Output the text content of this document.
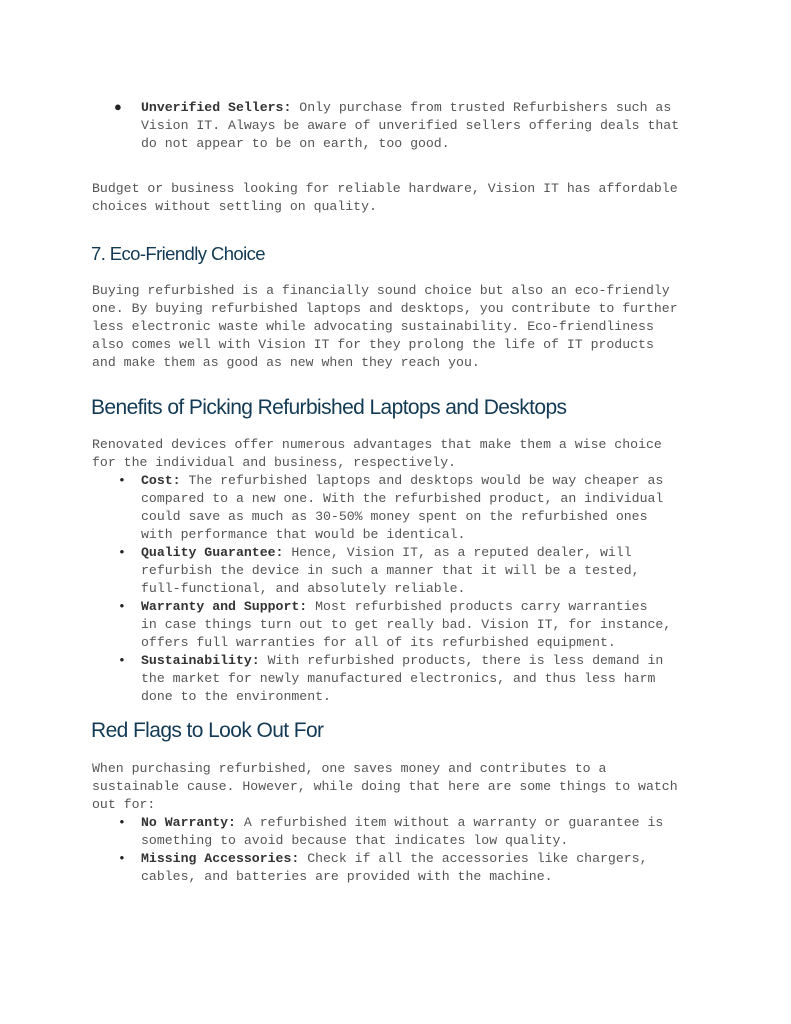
● Unverified Sellers: Only purchase from trusted Refurbishers such as
Vision IT. Always be aware of unverified sellers offering deals that
do not appear to be on earth, too good.

Budget or business looking for reliable hardware, Vision IT has affordable
choices without settling on quality.

7. Eco-Friendly Choice

Buying refurbished is a financially sound choice but also an eco-friendly
one. By buying refurbished laptops and desktops, you contribute to further
less electronic waste while advocating sustainability. Eco-friendliness
also comes well with Vision IT for they prolong the life of IT products
and make them as good as new when they reach you.

Benefits of Picking Refurbished Laptops and Desktops

Renovated devices offer numerous advantages that make them a wise choice
for the individual and business, respectively.

• Cost: The refurbished laptops and desktops would be way cheaper as
compared to a new one. With the refurbished product, an individual
could save as much as 30-50% money spent on the refurbished ones
with performance that would be identical.
• Quality Guarantee: Hence, Vision IT, as a reputed dealer, will
refurbish the device in such a manner that it will be a tested,
full-functional, and absolutely reliable.
• Warranty and Support: Most refurbished products carry warranties
in case things turn out to get really bad. Vision IT, for instance,
offers full warranties for all of its refurbished equipment.
• Sustainability: With refurbished products, there is less demand in
the market for newly manufactured electronics, and thus less harm
done to the environment.
Red Flags to Look Out For

When purchasing refurbished, one saves money and contributes to a
sustainable cause. However, while doing that here are some things to watch
out for:

• No Warranty: A refurbished item without a warranty or guarantee is
something to avoid because that indicates low quality.
• Missing Accessories: Check if all the accessories like chargers,
cables, and batteries are provided with the machine.
